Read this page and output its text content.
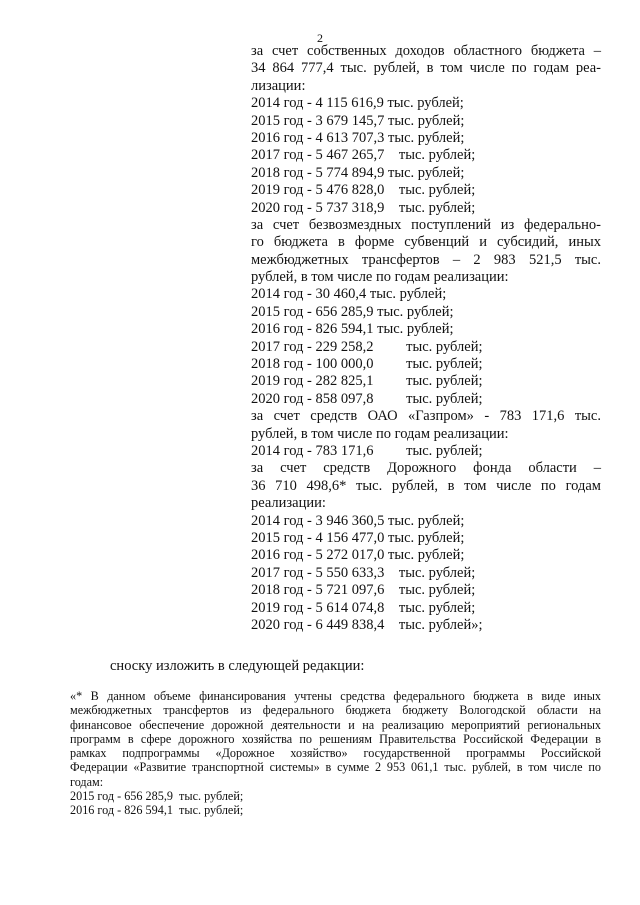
2
за счет собственных доходов областного бюджета –
34 864 777,4 тыс. рублей, в том числе по годам реа-
лизации:
2014 год - 4 115 616,9 тыс. рублей;
2015 год - 3 679 145,7 тыс. рублей;
2016 год - 4 613 707,3 тыс. рублей;
2017 год - 5 467 265,7    тыс. рублей;
2018 год - 5 774 894,9 тыс. рублей;
2019 год - 5 476 828,0    тыс. рублей;
2020 год - 5 737 318,9    тыс. рублей;
за счет безвозмездных поступлений из федерально-
го бюджета в форме субвенций и субсидий, иных
межбюджетных трансфертов – 2 983 521,5 тыс.
рублей, в том числе по годам реализации:
2014 год - 30 460,4 тыс. рублей;
2015 год - 656 285,9 тыс. рублей;
2016 год - 826 594,1 тыс. рублей;
2017 год - 229 258,2         тыс. рублей;
2018 год - 100 000,0         тыс. рублей;
2019 год - 282 825,1         тыс. рублей;
2020 год - 858 097,8         тыс. рублей;
за счет средств ОАО «Газпром» - 783 171,6 тыс.
рублей, в том числе по годам реализации:
2014 год - 783 171,6         тыс. рублей;
за счет средств Дорожного фонда области –
36 710 498,6* тыс. рублей, в том числе по годам
реализации:
2014 год - 3 946 360,5 тыс. рублей;
2015 год - 4 156 477,0 тыс. рублей;
2016 год - 5 272 017,0 тыс. рублей;
2017 год - 5 550 633,3    тыс. рублей;
2018 год - 5 721 097,6    тыс. рублей;
2019 год - 5 614 074,8    тыс. рублей;
2020 год - 6 449 838,4    тыс. рублей»;
сноску изложить в следующей редакции:
«* В данном объеме финансирования учтены средства федерального бюджета в виде иных
межбюджетных трансфертов из федерального бюджета бюджету Вологодской области на
финансовое обеспечение дорожной деятельности и на реализацию мероприятий региональных
программ в сфере дорожного хозяйства по решениям Правительства Российской Федерации в
рамках подпрограммы «Дорожное хозяйство» государственной программы Российской
Федерации «Развитие транспортной системы» в сумме 2 953 061,1 тыс. рублей, в том числе по
годам:
2015 год - 656 285,9  тыс. рублей;
2016 год - 826 594,1  тыс. рублей;
